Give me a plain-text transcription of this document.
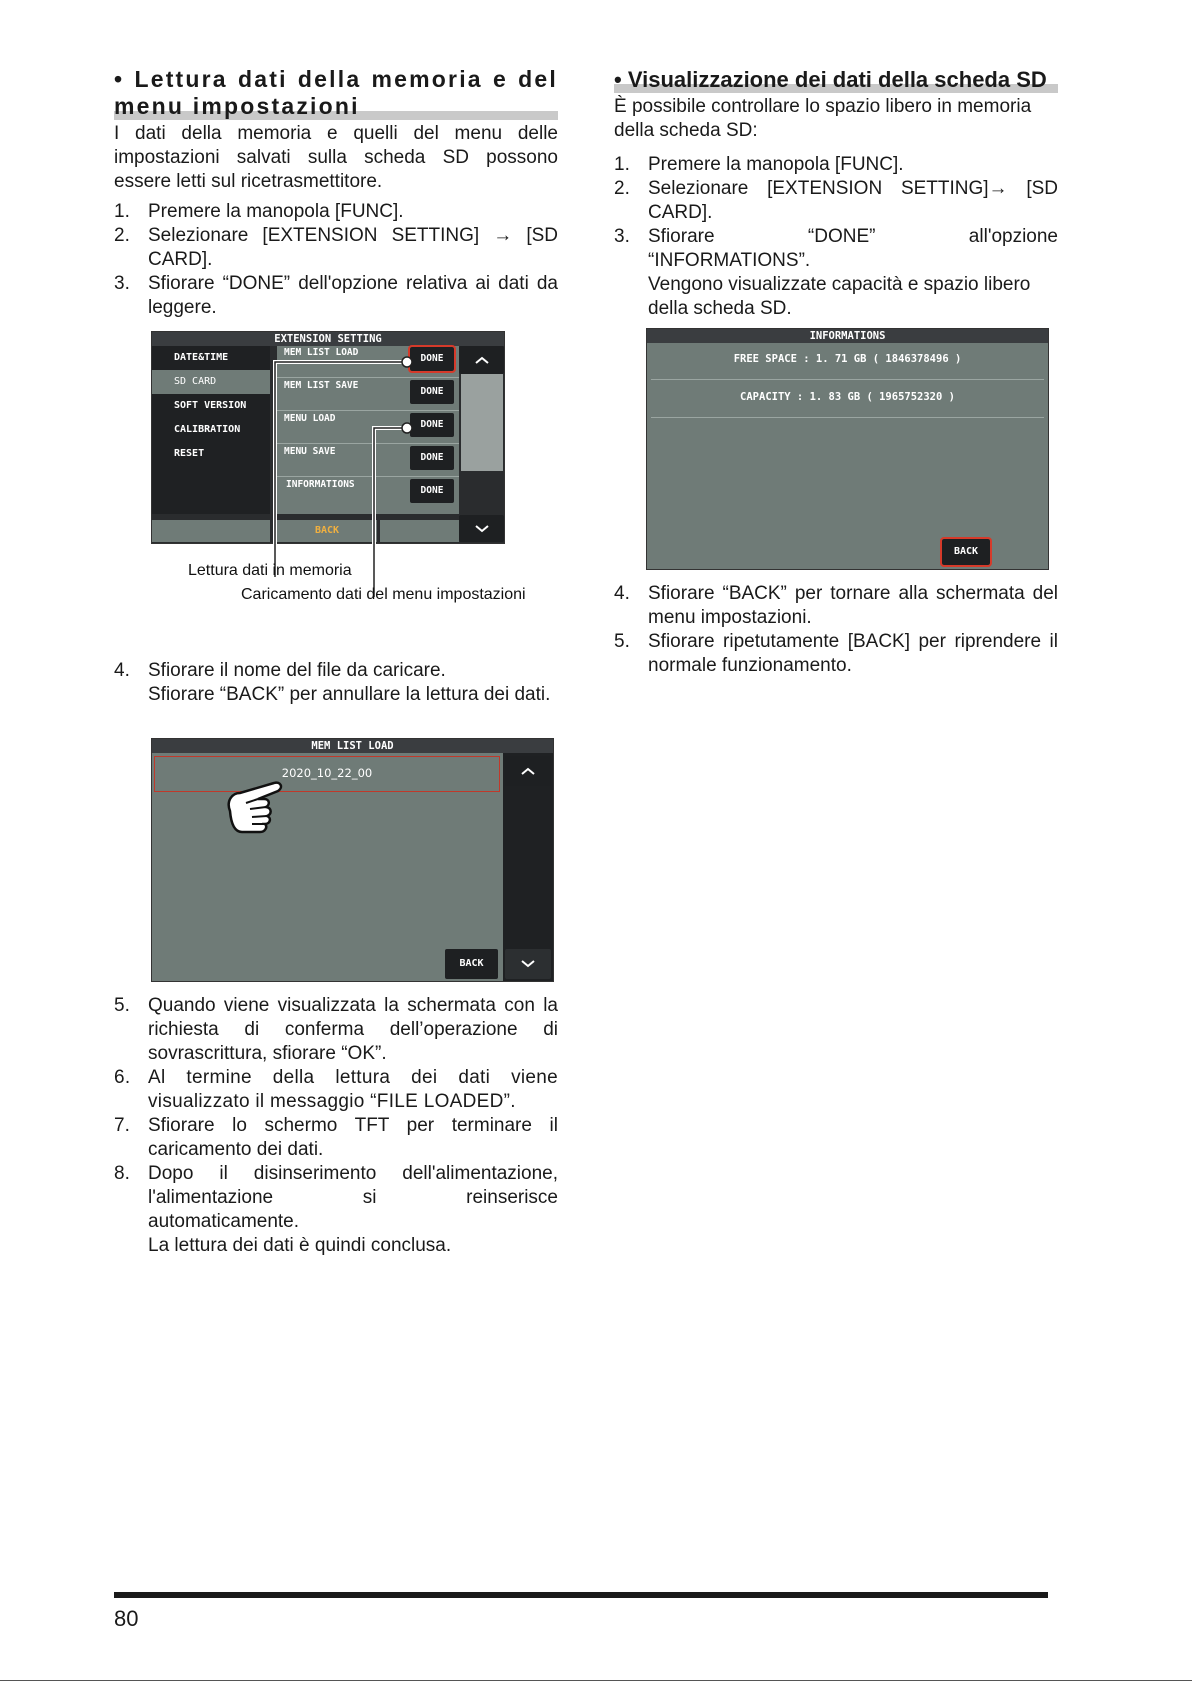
• Lettura dati della memoria e del
menu impostazioni

I dati della memoria e quelli del menu delle impostazioni salvati sulla scheda SD possono essere letti sul ricetrasmettitore.

1. Premere la manopola [FUNC].
2. Selezionare [EXTENSION SETTING] → [SD CARD].
3. Sfiorare “DONE” dell'opzione relativa ai dati da leggere.
EXTENSION SETTING
DATE&TIME
SD CARD
SOFT VERSION
CALIBRATION
RESET
MEM LIST LOAD
MEM LIST SAVE
MENU LOAD
MENU SAVE
INFORMATIONS
DONE
DONE
DONE
DONE
DONE
BACK
Lettura dati in memoria
Caricamento dati del menu impostazioni
4. Sfiorare il nome del file da caricare.
Sfiorare “BACK” per annullare la lettura dei dati.
MEM LIST LOAD
2020_10_22_00
BACK
5. Quando viene visualizzata la schermata con la richiesta di conferma dell’operazione di sovrascrittura, sfiorare “OK”.
6. Al termine della lettura dei dati viene visualizzato il messaggio “FILE LOADED”.
7. Sfiorare lo schermo TFT per terminare il caricamento dei dati.
8. Dopo il disinserimento dell'alimentazione,
l'alimentazione si reinserisce
automaticamente.
La lettura dei dati è quindi conclusa.
• Visualizzazione dei dati della scheda SD

È possibile controllare lo spazio libero in memoria della scheda SD:

1. Premere la manopola [FUNC].
2. Selezionare [EXTENSION SETTING]→ [SD CARD].
3. Sfiorare “DONE” all'opzione
“INFORMATIONS”.
Vengono visualizzate capacità e spazio libero della scheda SD.
INFORMATIONS
FREE SPACE : 1. 71 GB ( 1846378496 )
CAPACITY : 1. 83 GB ( 1965752320 )
BACK
4. Sfiorare “BACK” per tornare alla schermata del menu impostazioni.
5. Sfiorare ripetutamente [BACK] per riprendere il normale funzionamento.
80
